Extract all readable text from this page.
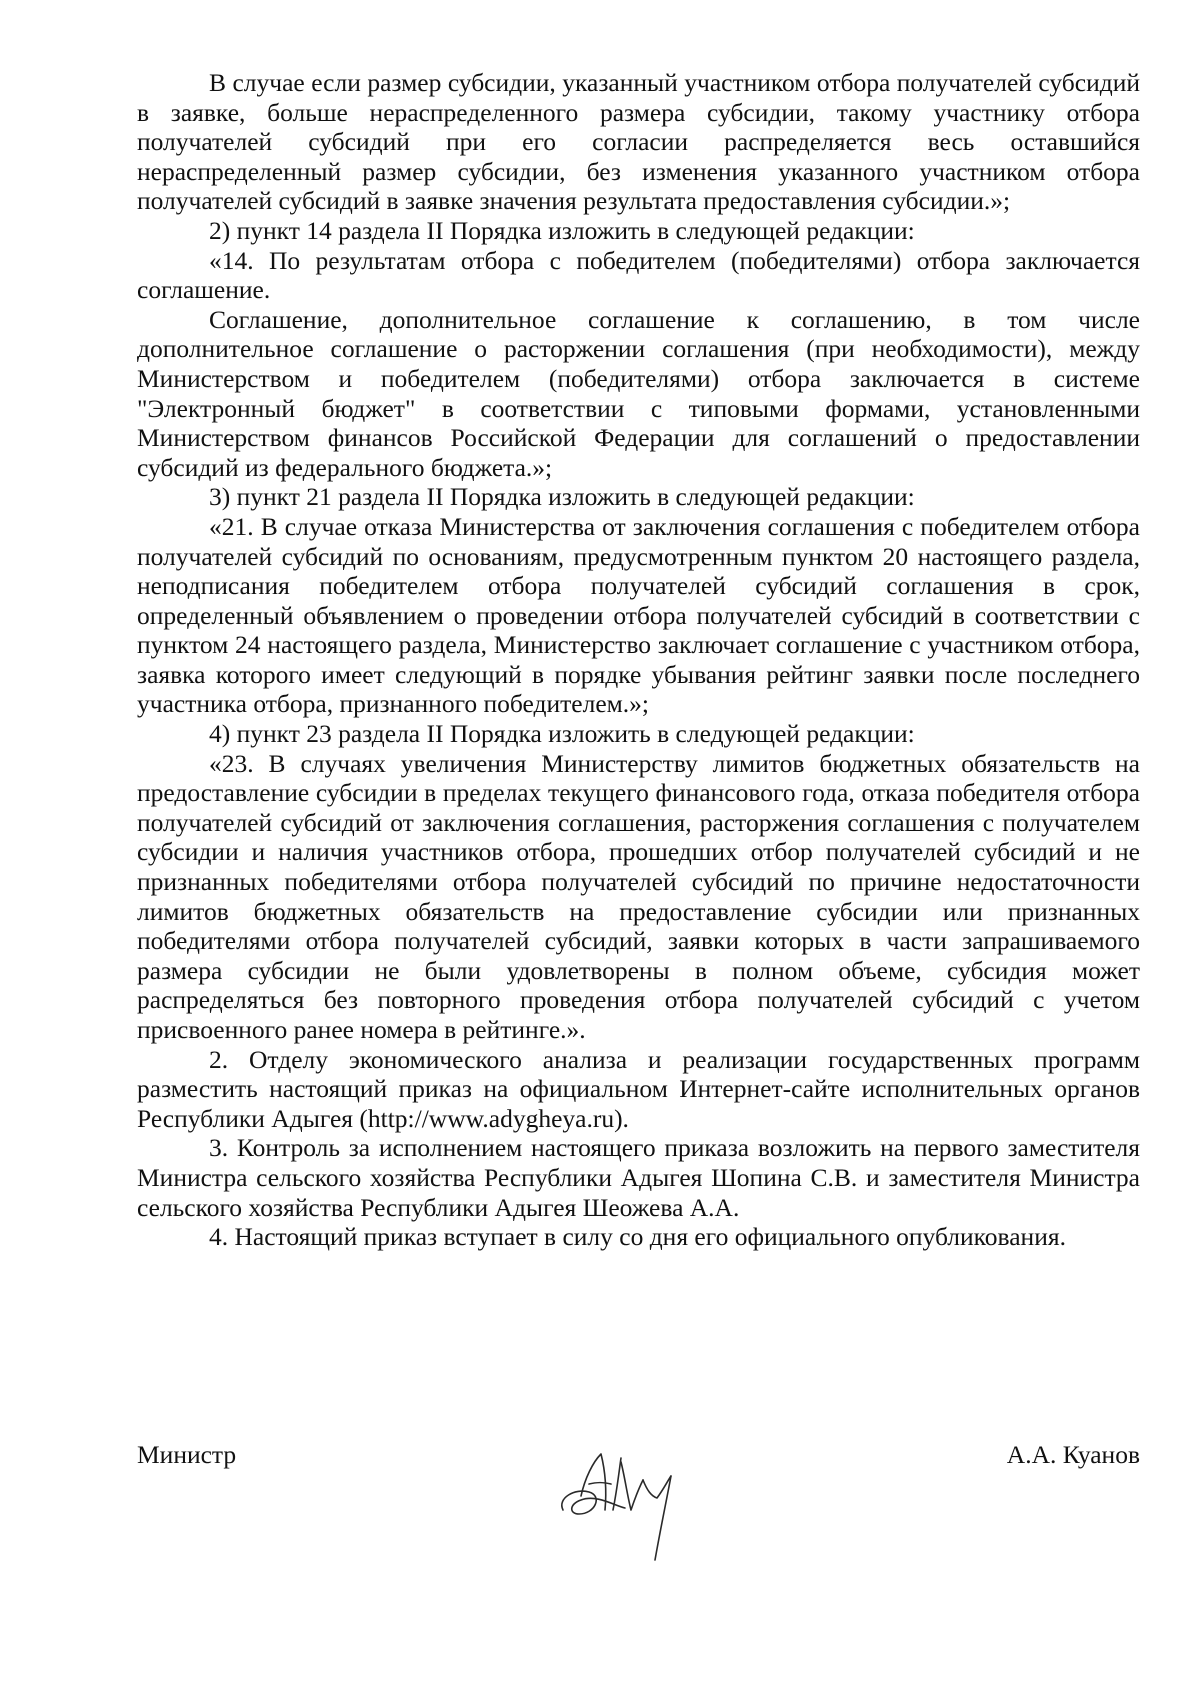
В случае если размер субсидии, указанный участником отбора получателей субсидий в заявке, больше нераспределенного размера субсидии, такому участнику отбора получателей субсидий при его согласии распределяется весь оставшийся нераспределенный размер субсидии, без изменения указанного участником отбора получателей субсидий в заявке значения результата предоставления субсидии.»;

2) пункт 14 раздела II Порядка изложить в следующей редакции:

«14. По результатам отбора с победителем (победителями) отбора заключается соглашение.

Соглашение, дополнительное соглашение к соглашению, в том числе дополнительное соглашение о расторжении соглашения (при необходимости), между Министерством и победителем (победителями) отбора заключается в системе "Электронный бюджет" в соответствии с типовыми формами, установленными Министерством финансов Российской Федерации для соглашений о предоставлении субсидий из федерального бюджета.»;

3) пункт 21 раздела II Порядка изложить в следующей редакции:

«21. В случае отказа Министерства от заключения соглашения с победителем отбора получателей субсидий по основаниям, предусмотренным пунктом 20 настоящего раздела, неподписания победителем отбора получателей субсидий соглашения в срок, определенный объявлением о проведении отбора получателей субсидий в соответствии с пунктом 24 настоящего раздела, Министерство заключает соглашение с участником отбора, заявка которого имеет следующий в порядке убывания рейтинг заявки после последнего участника отбора, признанного победителем.»;

4) пункт 23 раздела II Порядка изложить в следующей редакции:

«23. В случаях увеличения Министерству лимитов бюджетных обязательств на предоставление субсидии в пределах текущего финансового года, отказа победителя отбора получателей субсидий от заключения соглашения, расторжения соглашения с получателем субсидии и наличия участников отбора, прошедших отбор получателей субсидий и не признанных победителями отбора получателей субсидий по причине недостаточности лимитов бюджетных обязательств на предоставление субсидии или признанных победителями отбора получателей субсидий, заявки которых в части запрашиваемого размера субсидии не были удовлетворены в полном объеме, субсидия может распределяться без повторного проведения отбора получателей субсидий с учетом присвоенного ранее номера в рейтинге.».

2. Отделу экономического анализа и реализации государственных программ разместить настоящий приказ на официальном Интернет-сайте исполнительных органов Республики Адыгея (http://www.adygheya.ru).

3. Контроль за исполнением настоящего приказа возложить на первого заместителя Министра сельского хозяйства Республики Адыгея Шопина С.В. и заместителя Министра сельского хозяйства Республики Адыгея Шеожева А.А.

4. Настоящий приказ вступает в силу со дня его официального опубликования.

Министр	А.А. Куанов
